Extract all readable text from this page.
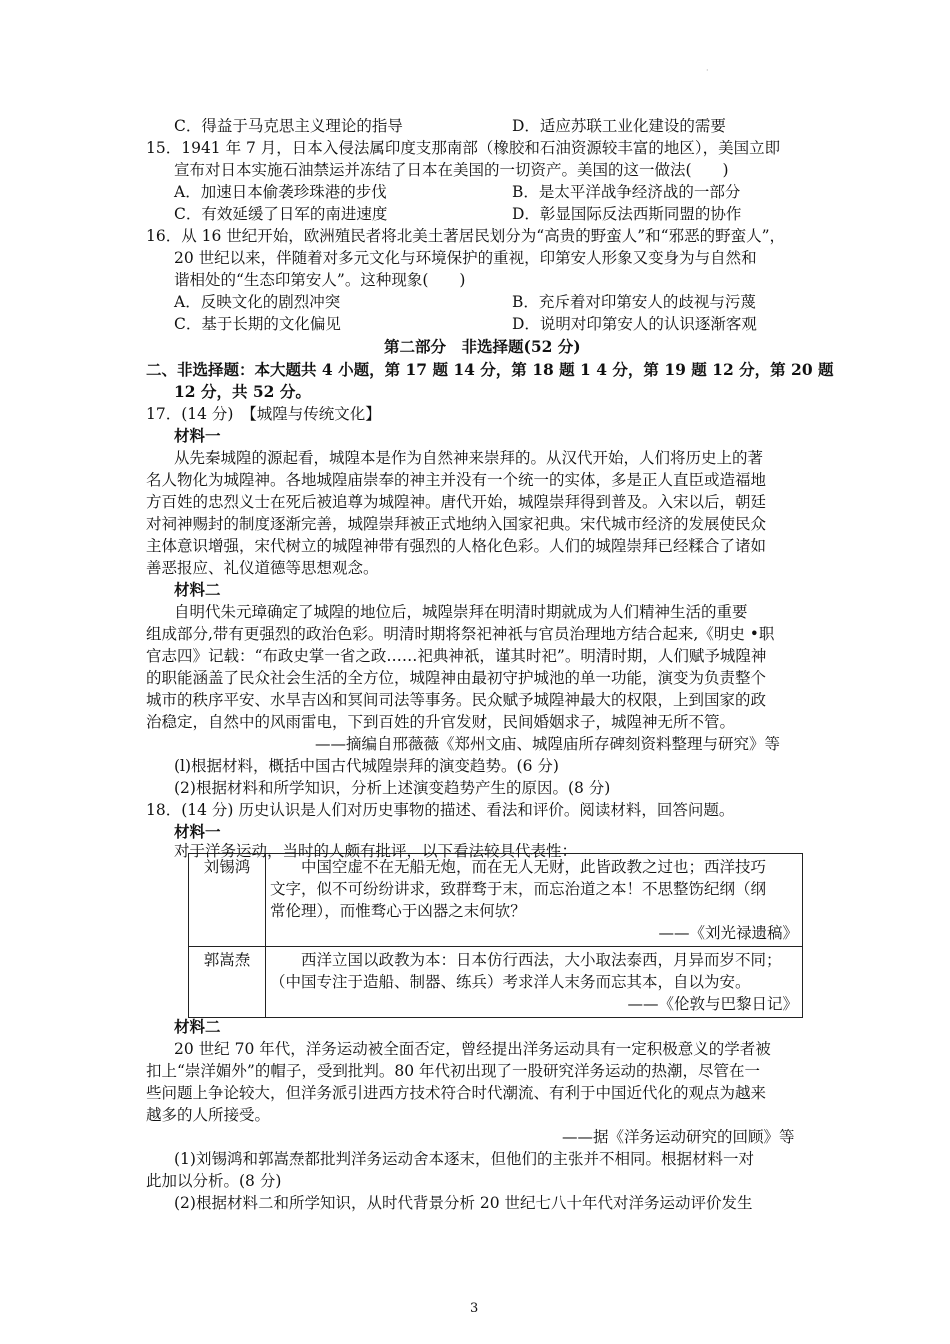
·
C．得益于马克思主义理论的指导	D．适应苏联工业化建设的需要
15．1941 年 7 月，日本入侵法属印度支那南部（橡胶和石油资源较丰富的地区），美国立即
宣布对日本实施石油禁运并冻结了日本在美国的一切资产。美国的这一做法(　　)
A．加速日本偷袭珍珠港的步伐	B．是太平洋战争经济战的一部分
C．有效延缓了日军的南进速度	D．彰显国际反法西斯同盟的协作
16．从 16 世纪开始，欧洲殖民者将北美土著居民划分为“高贵的野蛮人”和“邪恶的野蛮人”，
20 世纪以来，伴随着对多元文化与环境保护的重视，印第安人形象又变身为与自然和
谐相处的“生态印第安人”。这种现象(　　)
A．反映文化的剧烈冲突	B．充斥着对印第安人的歧视与污蔑
C．基于长期的文化偏见	D．说明对印第安人的认识逐渐客观
第二部分　非选择题(52 分)
二、非选择题：本大题共 4 小题，第 17 题 14 分，第 18 题 1 4 分，第 19 题 12 分，第 20 题
12 分，共 52 分。
17．(14 分)　【城隍与传统文化】
材料一
从先秦城隍的源起看，城隍本是作为自然神来崇拜的。从汉代开始，人们将历史上的著
名人物化为城隍神。各地城隍庙崇奉的神主并没有一个统一的实体，多是正人直臣或造福地
方百姓的忠烈义士在死后被追尊为城隍神。唐代开始，城隍崇拜得到普及。入宋以后，朝廷
对祠神赐封的制度逐渐完善，城隍崇拜被正式地纳入国家祀典。宋代城市经济的发展使民众
主体意识增强，宋代树立的城隍神带有强烈的人格化色彩。人们的城隍崇拜已经糅合了诸如
善恶报应、礼仪道德等思想观念。
材料二
自明代朱元璋确定了城隍的地位后，城隍崇拜在明清时期就成为人们精神生活的重要
组成部分,带有更强烈的政治色彩。明清时期将祭祀神祇与官员治理地方结合起来,《明史 •职
官志四》记载：“布政史掌一省之政……祀典神祇，谨其时祀”。明清时期，人们赋予城隍神
的职能涵盖了民众社会生活的全方位，城隍神由最初守护城池的单一功能，演变为负责整个
城市的秩序平安、水旱吉凶和冥间司法等事务。民众赋予城隍神最大的权限，上到国家的政
治稳定，自然中的风雨雷电，下到百姓的升官发财，民间婚姻求子，城隍神无所不管。
——摘编自邢薇薇《郑州文庙、城隍庙所存碑刻资料整理与研究》等
(l)根据材料，概括中国古代城隍崇拜的演变趋势。(6 分)
(2)根据材料和所学知识，分析上述演变趋势产生的原因。(8 分)
18．(14 分) 历史认识是人们对历史事物的描述、看法和评价。阅读材料，回答问题。
材料一
对于洋务运动，当时的人颇有批评，以下看法较具代表性：
刘锡鸿	中国空虚不在无船无炮，而在无人无财，此皆政教之过也；西洋技巧
文字，似不可纷纷讲求，致群骛于末，而忘治道之本！不思整饬纪纲（纲
常伦理），而惟骛心于凶器之末何欤？
——《刘光禄遗稿》

郭嵩焘	西洋立国以政教为本：日本仿行西法，大小取法泰西，月异而岁不同；
（中国专注于造船、制器、练兵）考求洋人末务而忘其本，自以为安。
——《伦敦与巴黎日记》
材料二
20 世纪 70 年代，洋务运动被全面否定，曾经提出洋务运动具有一定积极意义的学者被
扣上“崇洋媚外”的帽子，受到批判。80 年代初出现了一股研究洋务运动的热潮，尽管在一
些问题上争论较大，但洋务派引进西方技术符合时代潮流、有利于中国近代化的观点为越来
越多的人所接受。
——据《洋务运动研究的回顾》等
(1)刘锡鸿和郭嵩焘都批判洋务运动舍本逐末，但他们的主张并不相同。根据材料一对
此加以分析。(8 分)
(2)根据材料二和所学知识，从时代背景分析 20 世纪七八十年代对洋务运动评价发生
3
